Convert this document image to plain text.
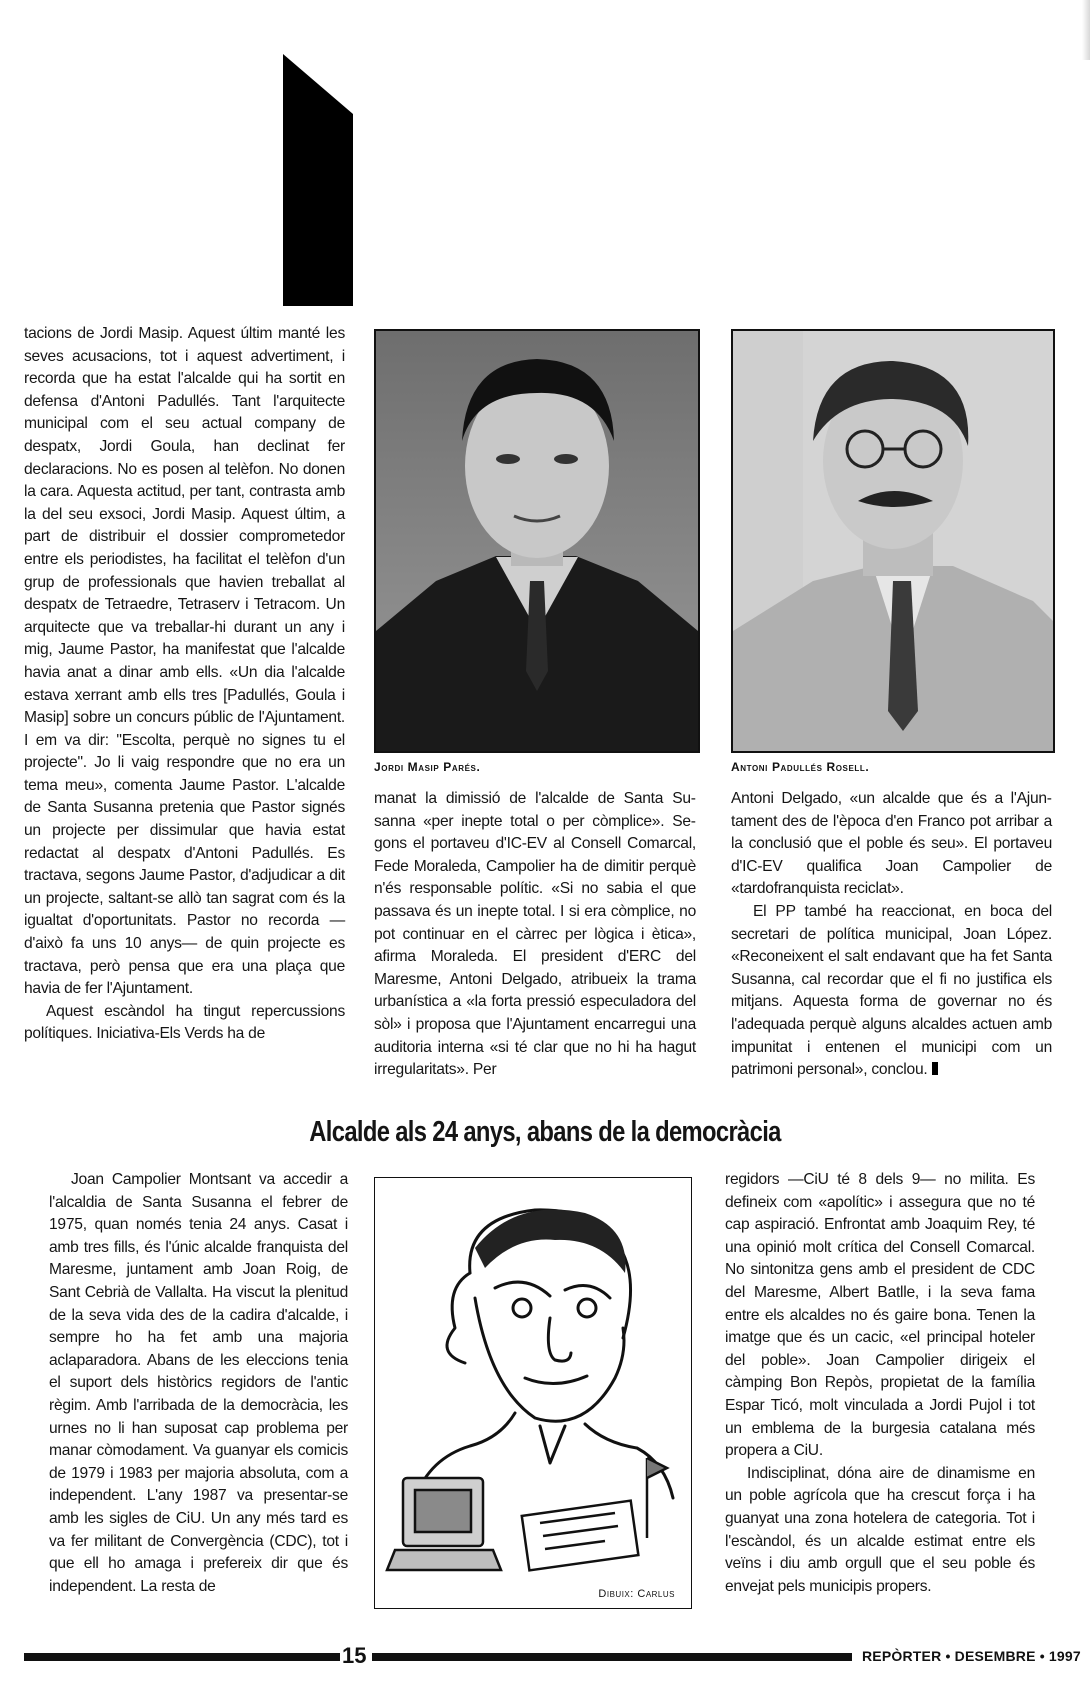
tacions de Jordi Masip. Aquest últim manté les seves acusacions, tot i aquest advertiment, i recorda que ha estat l'alcalde qui ha sortit en defensa d'Antoni Padullés. Tant l'arquitecte municipal com el seu actual company de despatx, Jordi Goula, han declinat fer declaracions. No es posen al telèfon. No donen la cara. Aquesta actitud, per tant, contrasta amb la del seu exsoci, Jordi Masip. Aquest últim, a part de distribuir el dossier comprometedor entre els periodistes, ha facilitat el telèfon d'un grup de professionals que havien treballat al despatx de Tetraedre, Tetraserv i Tetracom. Un arquitecte que va treballar-hi durant un any i mig, Jaume Pastor, ha manifestat que l'alcalde havia anat a dinar amb ells. «Un dia l'alcalde estava xerrant amb ells tres [Padullés, Goula i Masip] sobre un concurs públic de l'Ajuntament. I em va dir: "Escolta, perquè no signes tu el projecte". Jo li vaig respondre que no era un tema meu», comenta Jaume Pastor. L'alcalde de Santa Susanna pretenia que Pastor signés un projecte per dissimular que havia estat redactat al despatx d'Antoni Padullés. Es tractava, segons Jaume Pastor, d'adjudicar a dit un projecte, saltant-se allò tan sagrat com és la igualtat d'oportunitats. Pastor no recorda —d'això fa uns 10 anys— de quin projecte es tractava, però pensa que era una plaça que havia de fer l'Ajuntament.

Aquest escàndol ha tingut repercussions polítiques. Iniciativa-Els Verds ha de

Jordi Masip Parés.	Antoni Padullés Rosell.

manat la dimissió de l'alcalde de Santa Susanna «per inepte total o per còmplice». Segons el portaveu d'IC-EV al Consell Comarcal, Fede Moraleda, Campolier ha de dimitir perquè n'és responsable polític. «Si no sabia el que passava és un inepte total. I si era còmplice, no pot continuar en el càrrec per lògica i ètica», afirma Moraleda. El president d'ERC del Maresme, Antoni Delgado, atribueix la trama urbanística a «la forta pressió especuladora del sòl» i proposa que l'Ajuntament encarregui una auditoria interna «si té clar que no hi ha hagut irregularitats». Per

Antoni Delgado, «un alcalde que és a l'Ajuntament des de l'època d'en Franco pot arribar a la conclusió que el poble és seu». El portaveu d'IC-EV qualifica Joan Campolier de «tardofranquista reciclat».

El PP també ha reaccionat, en boca del secretari de política municipal, Joan López. «Reconeixent el salt endavant que ha fet Santa Susanna, cal recordar que el fi no justifica els mitjans. Aquesta forma de governar no és l'adequada perquè alguns alcaldes actuen amb impunitat i entenen el municipi com un patrimoni personal», conclou.

Alcalde als 24 anys, abans de la democràcia

Joan Campolier Montsant va accedir a l'alcaldia de Santa Susanna el febrer de 1975, quan només tenia 24 anys. Casat i amb tres fills, és l'únic alcalde franquista del Maresme, juntament amb Joan Roig, de Sant Cebrià de Vallalta. Ha viscut la plenitud de la seva vida des de la cadira d'alcalde, i sempre ho ha fet amb una majoria aclaparadora. Abans de les eleccions tenia el suport dels històrics regidors de l'antic règim. Amb l'arribada de la democràcia, les urnes no li han suposat cap problema per manar còmodament. Va guanyar els comicis de 1979 i 1983 per majoria absoluta, com a independent. L'any 1987 va presentar-se amb les sigles de CiU. Un any més tard es va fer militant de Convergència (CDC), tot i que ell ho amaga i prefereix dir que és independent. La resta de	Dibuix: Carlus

regidors —CiU té 8 dels 9— no milita. Es defineix com «apolític» i assegura que no té cap aspiració. Enfrontat amb Joaquim Rey, té una opinió molt crítica del Consell Comarcal. No sintonitza gens amb el president de CDC del Maresme, Albert Batlle, i la seva fama entre els alcaldes no és gaire bona. Tenen la imatge que és un cacic, «el principal hoteler del poble». Joan Campolier dirigeix el càmping Bon Repòs, propietat de la família Espar Ticó, molt vinculada a Jordi Pujol i tot un emblema de la burgesia catalana més propera a CiU.

Indisciplinat, dóna aire de dinamisme en un poble agrícola que ha crescut força i ha guanyat una zona hotelera de categoria. Tot i l'escàndol, és un alcalde estimat entre els veïns i diu amb orgull que el seu poble és envejat pels municipis propers.

15	REPÒRTER • DESEMBRE • 1997
